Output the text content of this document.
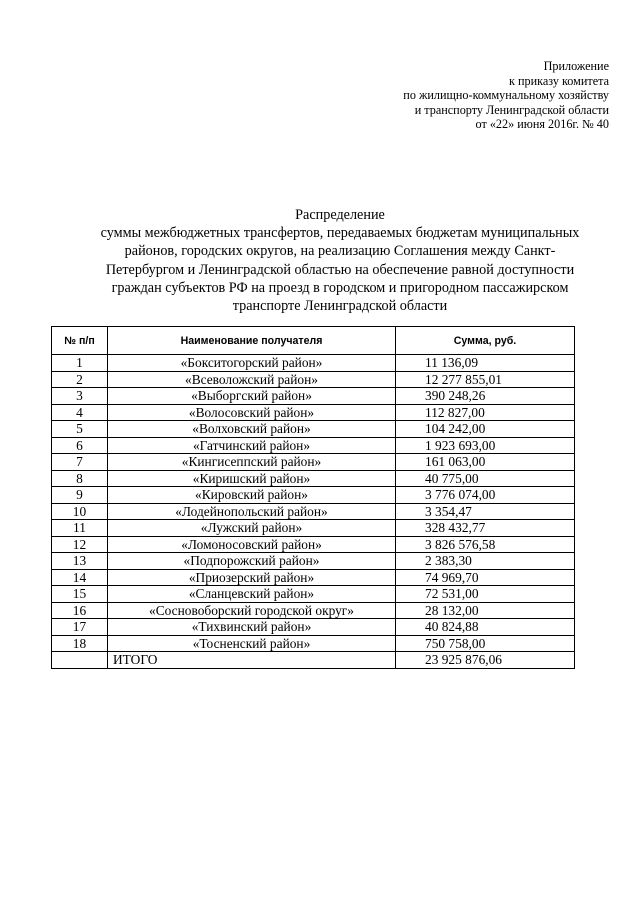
Приложение
к приказу комитета
по жилищно-коммунальному хозяйству
и транспорту Ленинградской области
от «22» июня 2016г. № 40
Распределение
суммы межбюджетных трансфертов, передаваемых бюджетам муниципальных
районов, городских округов, на реализацию Соглашения между Санкт-
Петербургом и Ленинградской областью на обеспечение равной доступности
граждан субъектов РФ на проезд в городском и пригородном пассажирском
транспорте Ленинградской области
№ п/п	Наименование получателя	Сумма, руб.
1	«Бокситогорский район»	11 136,09
2	«Всеволожский район»	12 277 855,01
3	«Выборгский район»	390 248,26
4	«Волосовский район»	112 827,00
5	«Волховский район»	104 242,00
6	«Гатчинский район»	1 923 693,00
7	«Кингисеппский район»	161 063,00
8	«Киришский район»	40 775,00
9	«Кировский район»	3 776 074,00
10	«Лодейнопольский район»	3 354,47
11	«Лужский район»	328 432,77
12	«Ломоносовский район»	3 826 576,58
13	«Подпорожский район»	2 383,30
14	«Приозерский район»	74 969,70
15	«Сланцевский район»	72 531,00
16	«Сосновоборский городской округ»	28 132,00
17	«Тихвинский район»	40 824,88
18	«Тосненский район»	750 758,00
	ИТОГО	23 925 876,06
